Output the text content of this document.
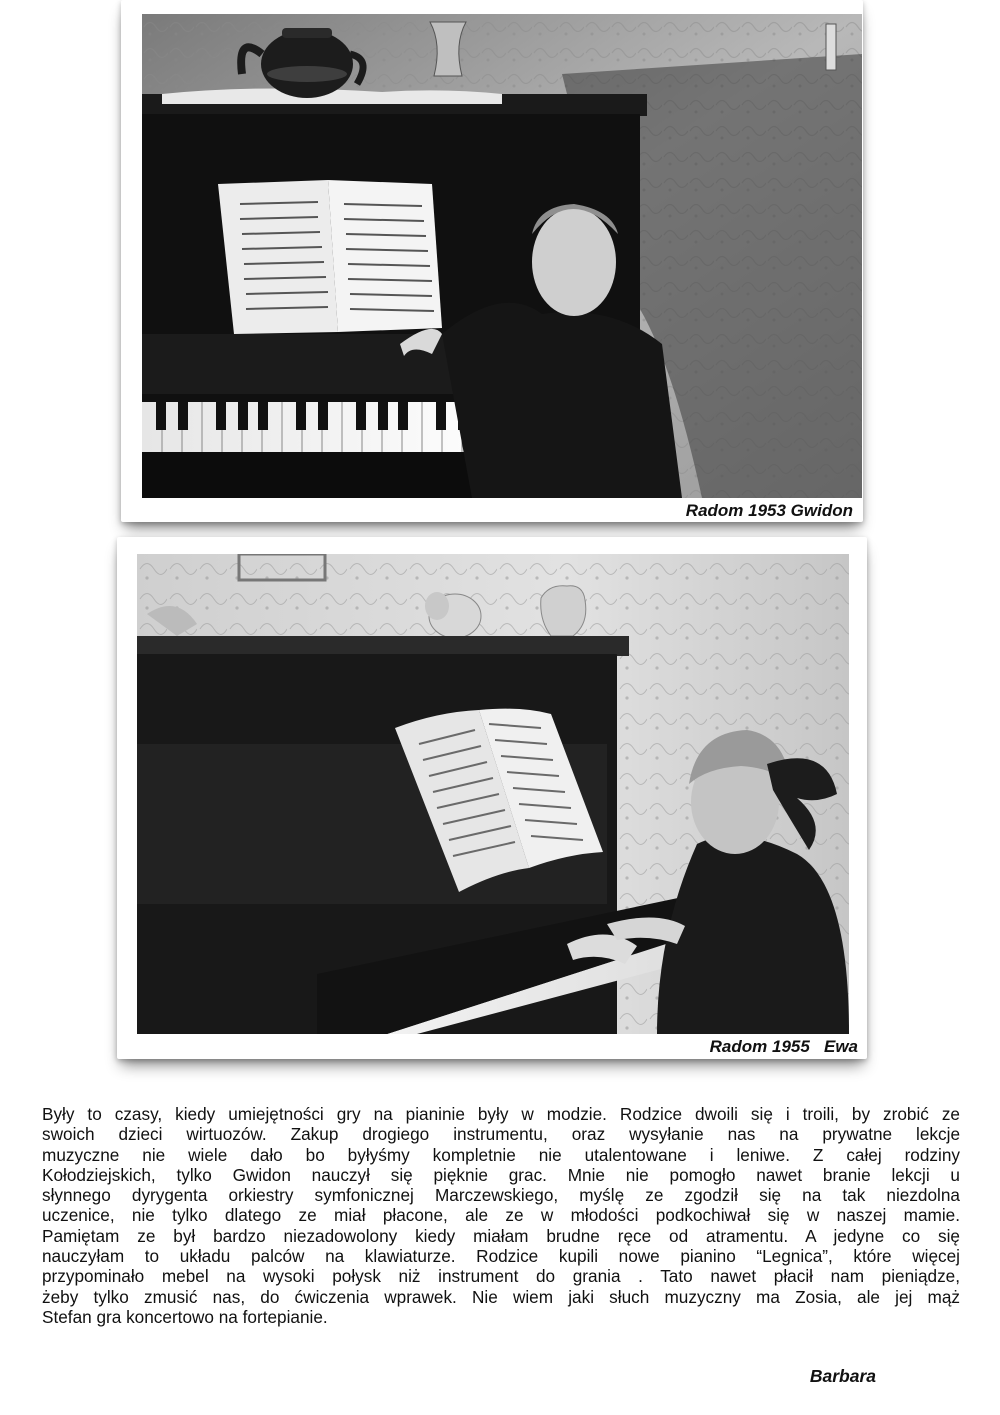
Radom 1953 Gwidon
Radom 1955   Ewa

Były to czasy, kiedy umiejętności gry na pianinie były w modzie. Rodzice dwoili się i troili, by zrobić ze
swoich dzieci wirtuozów. Zakup drogiego instrumentu, oraz wysyłanie nas na prywatne lekcje
muzyczne nie wiele dało bo byłyśmy kompletnie nie utalentowane i leniwe. Z całej rodziny
Kołodziejskich, tylko Gwidon nauczył się pięknie grac. Mnie nie pomogło nawet branie lekcji u
słynnego dyrygenta orkiestry symfonicznej Marczewskiego, myślę ze zgodził się na tak niezdolna
uczenice, nie tylko dlatego ze miał płacone, ale ze w młodości podkochiwał się w naszej mamie.
Pamiętam ze był bardzo niezadowolony kiedy miałam brudne ręce od atramentu. A jedyne co się
nauczyłam to układu palców na klawiaturze. Rodzice kupili nowe pianino “Legnica”, które więcej
przypominało mebel na wysoki połysk niż instrument do grania . Tato nawet płacił nam pieniądze,
żeby tylko zmusić nas, do ćwiczenia wprawek. Nie wiem jaki słuch muzyczny ma Zosia, ale jej mąż
Stefan gra koncertowo na fortepianie.

Barbara
